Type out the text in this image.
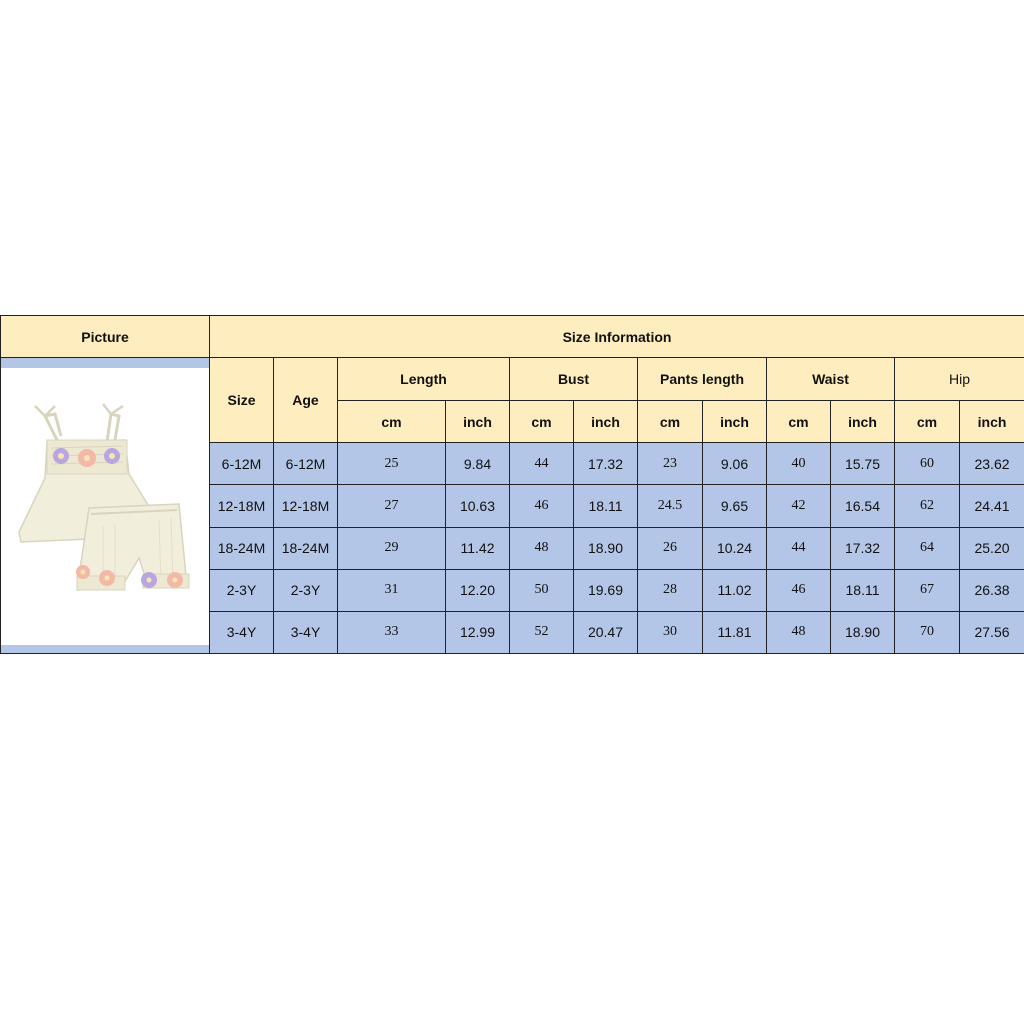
Picture	Size Information											

	Size	Age	Length		Bust		Pants length		Waist		Hip	
			cm	inch	cm	inch	cm	inch	cm	inch	cm	inch
	6-12M	6-12M	25	9.84	44	17.32	23	9.06	40	15.75	60	23.62
	12-18M	12-18M	27	10.63	46	18.11	24.5	9.65	42	16.54	62	24.41
	18-24M	18-24M	29	11.42	48	18.90	26	10.24	44	17.32	64	25.20
	2-3Y	2-3Y	31	12.20	50	19.69	28	11.02	46	18.11	67	26.38
	3-4Y	3-4Y	33	12.99	52	20.47	30	11.81	48	18.90	70	27.56
